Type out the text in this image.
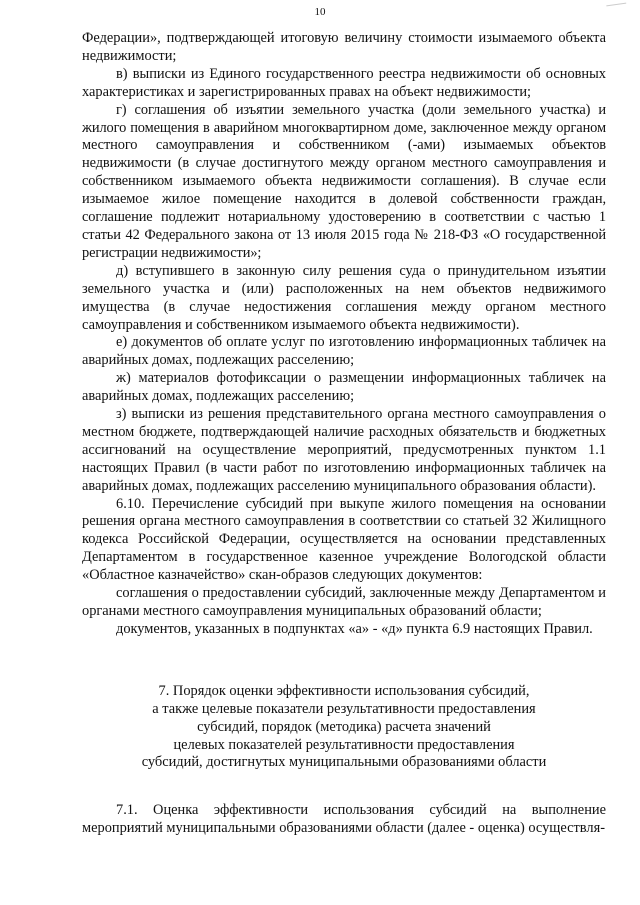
10

Федерации», подтверждающей итоговую величину стоимости изымаемого объекта недвижимости;

в) выписки из Единого государственного реестра недвижимости об основных характеристиках и зарегистрированных правах на объект недвижимости;

г) соглашения об изъятии земельного участка (доли земельного участка) и жилого помещения в аварийном многоквартирном доме, заключенное между органом местного самоуправления и собственником (-ами) изымаемых объектов недвижимости (в случае достигнутого между органом местного самоуправления и собственником изымаемого объекта недвижимости соглашения). В случае если изымаемое жилое помещение находится в долевой собственности граждан, соглашение подлежит нотариальному удостоверению в соответствии с частью 1 статьи 42 Федерального закона от 13 июля 2015 года № 218-ФЗ «О государственной регистрации недвижимости»;

д) вступившего в законную силу решения суда о принудительном изъятии земельного участка и (или) расположенных на нем объектов недвижимого имущества (в случае недостижения соглашения между органом местного самоуправления и собственником изымаемого объекта недвижимости).

е) документов об оплате услуг по изготовлению информационных табличек на аварийных домах, подлежащих расселению;

ж) материалов фотофиксации о размещении информационных табличек на аварийных домах, подлежащих расселению;

з) выписки из решения представительного органа местного самоуправления о местном бюджете, подтверждающей наличие расходных обязательств и бюджетных ассигнований на осуществление мероприятий, предусмотренных пунктом 1.1 настоящих Правил (в части работ по изготовлению информационных табличек на аварийных домах, подлежащих расселению муниципального образования области).

6.10. Перечисление субсидий при выкупе жилого помещения на основании решения органа местного самоуправления в соответствии со статьей 32 Жилищного кодекса Российской Федерации, осуществляется на основании представленных Департаментом в государственное казенное учреждение Вологодской области «Областное казначейство» скан-образов следующих документов:

соглашения о предоставлении субсидий, заключенные между Департаментом и органами местного самоуправления муниципальных образований области;

документов, указанных в подпунктах «а» - «д» пункта 6.9 настоящих Правил.

7. Порядок оценки эффективности использования субсидий,
а также целевые показатели результативности предоставления
субсидий, порядок (методика) расчета значений
целевых показателей результативности предоставления
субсидий, достигнутых муниципальными образованиями области

7.1. Оценка эффективности использования субсидий на выполнение мероприятий муниципальными образованиями области (далее - оценка) осуществля-
